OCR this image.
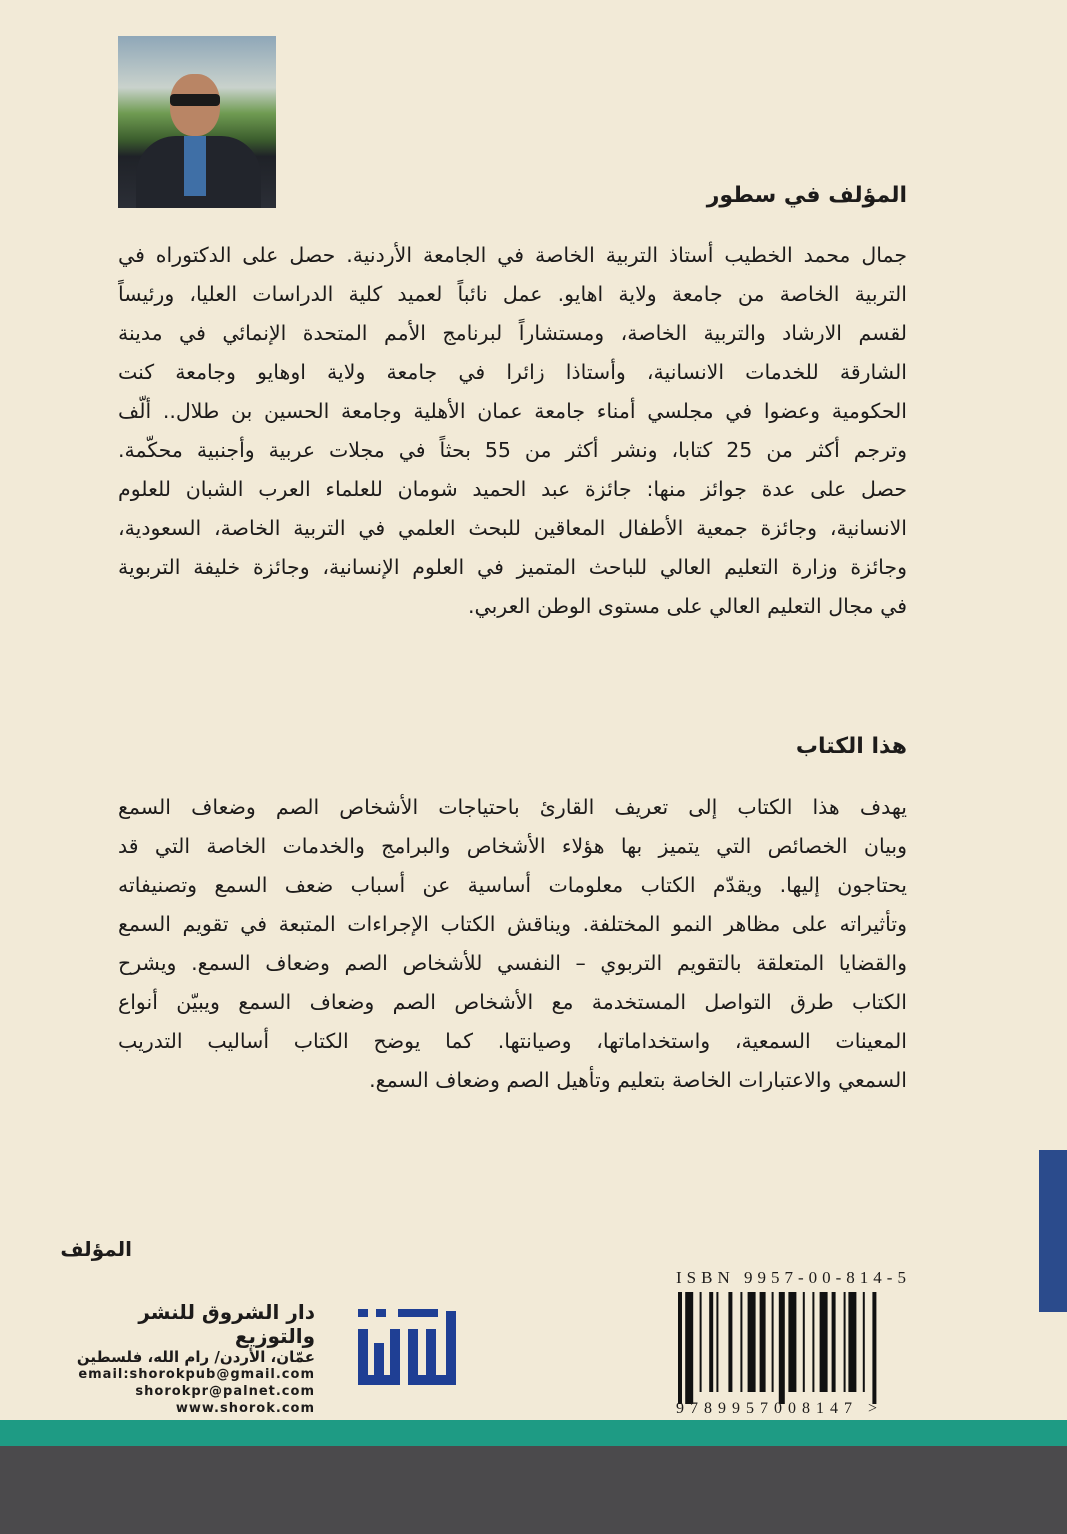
المؤلف في سطور
جمال محمد الخطيب أستاذ التربية الخاصة في الجامعة الأردنية. حصل على الدكتوراه في
التربية الخاصة من جامعة ولاية اهايو. عمل نائباً لعميد كلية الدراسات العليا، ورئيساً
لقسم الارشاد والتربية الخاصة، ومستشاراً لبرنامج الأمم المتحدة الإنمائي في مدينة
الشارقة للخدمات الانسانية، وأستاذا زائرا في جامعة ولاية اوهايو وجامعة كنت
الحكومية وعضوا في مجلسي أمناء جامعة عمان الأهلية وجامعة الحسين بن طلال.. ألّف
وترجم أكثر من 25 كتابا، ونشر أكثر من 55 بحثاً في مجلات عربية وأجنبية محكّمة.
حصل على عدة جوائز منها: جائزة عبد الحميد شومان للعلماء العرب الشبان للعلوم
الانسانية، وجائزة جمعية الأطفال المعاقين للبحث العلمي في التربية الخاصة، السعودية،
وجائزة وزارة التعليم العالي للباحث المتميز في العلوم الإنسانية، وجائزة خليفة التربوية
في مجال التعليم العالي على مستوى الوطن العربي.
هذا الكتاب
يهدف هذا الكتاب إلى تعريف القارئ باحتياجات الأشخاص الصم وضعاف السمع
وبيان الخصائص التي يتميز بها هؤلاء الأشخاص والبرامج والخدمات الخاصة التي قد
يحتاجون إليها. ويقدّم الكتاب معلومات أساسية عن أسباب ضعف السمع وتصنيفاته
وتأثيراته على مظاهر النمو المختلفة. ويناقش الكتاب الإجراءات المتبعة في تقويم السمع
والقضايا المتعلقة بالتقويم التربوي – النفسي للأشخاص الصم وضعاف السمع. ويشرح
الكتاب طرق التواصل المستخدمة مع الأشخاص الصم وضعاف السمع ويبيّن أنواع
المعينات السمعية، واستخداماتها، وصيانتها. كما يوضح الكتاب أساليب التدريب
السمعي والاعتبارات الخاصة بتعليم وتأهيل الصم وضعاف السمع.
المؤلف
ISBN 9957-00-814-5
9789957008147 >
دار الشروق للنشر والتوزيع
عمّان، الأردن/ رام الله، فلسطين
email:shorokpub@gmail.com
shorokpr@palnet.com
www.shorok.com
